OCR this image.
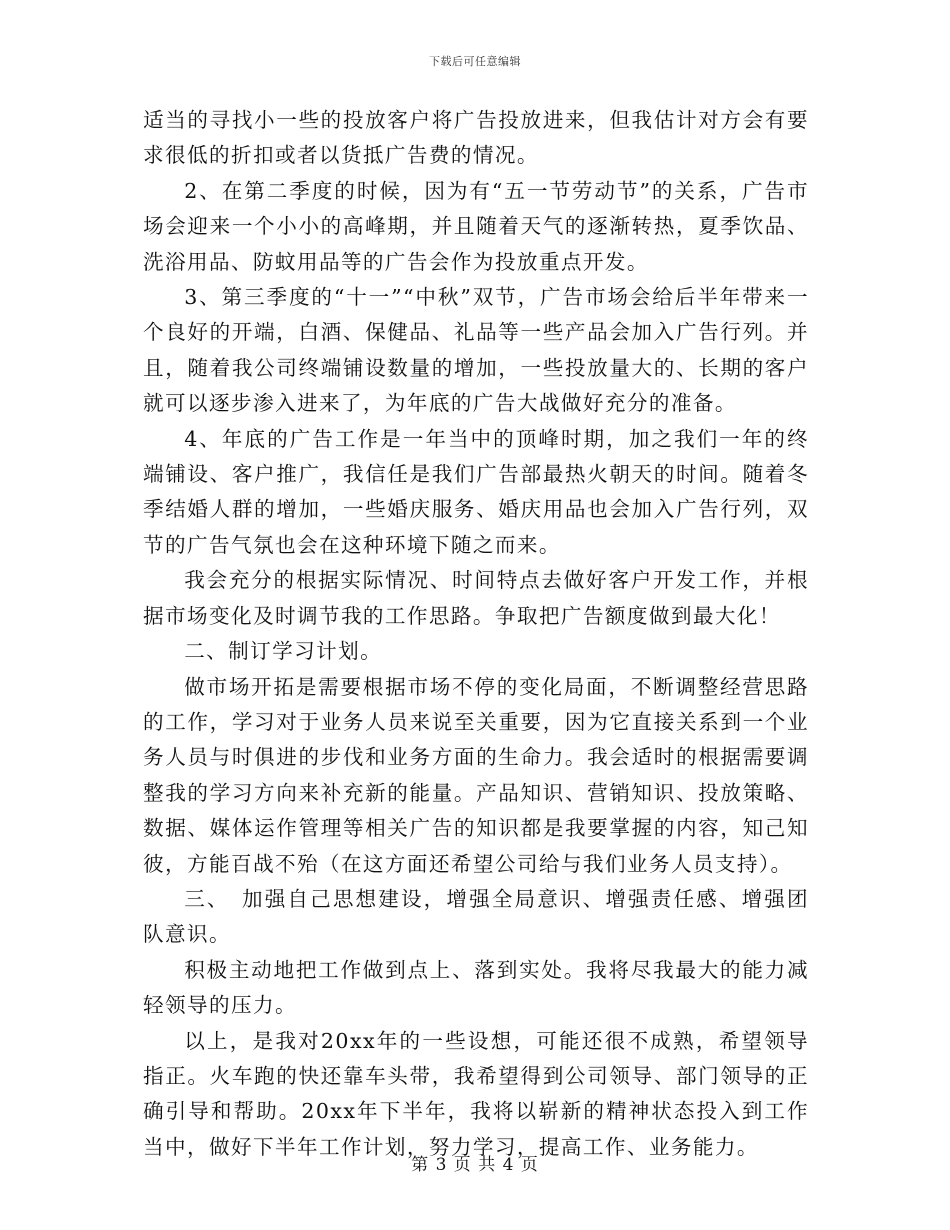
下载后可任意编辑

适当的寻找小一些的投放客户将广告投放进来，但我估计对方会有要求很低的折扣或者以货抵广告费的情况。

2、在第二季度的时候，因为有“五一节劳动节”的关系，广告市场会迎来一个小小的高峰期，并且随着天气的逐渐转热，夏季饮品、洗浴用品、防蚊用品等的广告会作为投放重点开发。

3、第三季度的“十一”“中秋”双节，广告市场会给后半年带来一个良好的开端，白酒、保健品、礼品等一些产品会加入广告行列。并且，随着我公司终端铺设数量的增加，一些投放量大的、长期的客户就可以逐步渗入进来了，为年底的广告大战做好充分的准备。

4、年底的广告工作是一年当中的顶峰时期，加之我们一年的终端铺设、客户推广，我信任是我们广告部最热火朝天的时间。随着冬季结婚人群的增加，一些婚庆服务、婚庆用品也会加入广告行列，双节的广告气氛也会在这种环境下随之而来。

我会充分的根据实际情况、时间特点去做好客户开发工作，并根据市场变化及时调节我的工作思路。争取把广告额度做到最大化！

二、制订学习计划。

做市场开拓是需要根据市场不停的变化局面，不断调整经营思路的工作，学习对于业务人员来说至关重要，因为它直接关系到一个业务人员与时俱进的步伐和业务方面的生命力。我会适时的根据需要调整我的学习方向来补充新的能量。产品知识、营销知识、投放策略、数据、媒体运作管理等相关广告的知识都是我要掌握的内容，知己知彼，方能百战不殆（在这方面还希望公司给与我们业务人员支持）。

三、　加强自己思想建设，增强全局意识、增强责任感、增强团队意识。

积极主动地把工作做到点上、落到实处。我将尽我最大的能力减轻领导的压力。

以上，是我对20xx年的一些设想，可能还很不成熟，希望领导指正。火车跑的快还靠车头带，我希望得到公司领导、部门领导的正确引导和帮助。20xx年下半年，我将以崭新的精神状态投入到工作当中，做好下半年工作计划，努力学习，提高工作、业务能力。

第 3 页 共 4 页
